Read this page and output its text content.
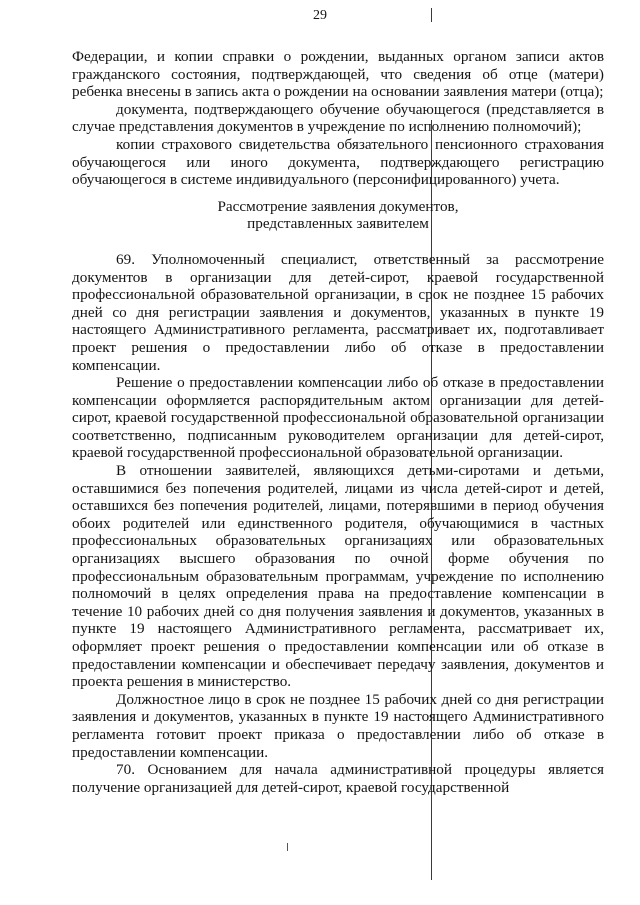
29

Федерации, и копии справки о рождении, выданных органом записи актов гражданского состояния, подтверждающей, что сведения об отце (матери) ребенка внесены в запись акта о рождении на основании заявления матери (отца);

документа, подтверждающего обучение обучающегося (представляется в случае представления документов в учреждение по исполнению полномочий);

копии страхового свидетельства обязательного пенсионного страхования обучающегося или иного документа, подтверждающего регистрацию обучающегося в системе индивидуального (персонифицированного) учета.

Рассмотрение заявления документов,

представленных заявителем

69. Уполномоченный специалист, ответственный за рассмотрение документов в организации для детей-сирот, краевой государственной профессиональной образовательной организации, в срок не позднее 15 рабочих дней со дня регистрации заявления и документов, указанных в пункте 19 настоящего Административного регламента, рассматривает их, подготавливает проект решения о предоставлении либо об отказе в предоставлении компенсации.

Решение о предоставлении компенсации либо об отказе в предоставлении компенсации оформляется распорядительным актом организации для детей-сирот, краевой государственной профессиональной образовательной организации соответственно, подписанным руководителем организации для детей-сирот, краевой государственной профессиональной образовательной организации.

В отношении заявителей, являющихся детьми-сиротами и детьми, оставшимися без попечения родителей, лицами из числа детей-сирот и детей, оставшихся без попечения родителей, лицами, потерявшими в период обучения обоих родителей или единственного родителя, обучающимися в частных профессиональных образовательных организациях или образовательных организациях высшего образования по очной форме обучения по профессиональным образовательным программам, учреждение по исполнению полномочий в целях определения права на предоставление компенсации в течение 10 рабочих дней со дня получения заявления и документов, указанных в пункте 19 настоящего Административного регламента, рассматривает их, оформляет проект решения о предоставлении компенсации или об отказе в предоставлении компенсации и обеспечивает передачу заявления, документов и проекта решения в министерство.

Должностное лицо в срок не позднее 15 рабочих дней со дня регистрации заявления и документов, указанных в пункте 19 настоящего Административного регламента готовит проект приказа о предоставлении либо об отказе в предоставлении компенсации.

70. Основанием для начала административной процедуры является получение организацией для детей-сирот, краевой государственной
